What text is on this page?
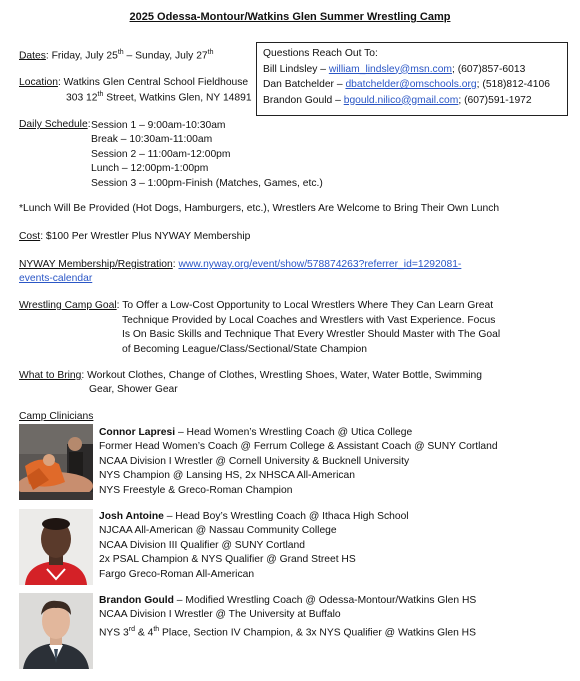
2025 Odessa-Montour/Watkins Glen Summer Wrestling Camp
Dates: Friday, July 25th – Sunday, July 27th	Questions Reach Out To:
Bill Lindsley – william_lindsley@msn.com; (607)857-6013
Dan Batchelder – dbatchelder@omschools.org; (518)812-4106
Brandon Gould – bgould.nilico@gmail.com; (607)591-1972
Location: Watkins Glen Central School Fieldhouse
303 12th Street, Watkins Glen, NY 14891
Daily Schedule: Session 1 – 9:00am-10:30am
Break – 10:30am-11:00am
Session 2 – 11:00am-12:00pm
Lunch – 12:00pm-1:00pm
Session 3 – 1:00pm-Finish (Matches, Games, etc.)
*Lunch Will Be Provided (Hot Dogs, Hamburgers, etc.), Wrestlers Are Welcome to Bring Their Own Lunch
Cost: $100 Per Wrestler Plus NYWAY Membership
NYWAY Membership/Registration: www.nyway.org/event/show/578874263?referrer_id=1292081-
events-calendar
Wrestling Camp Goal: To Offer a Low-Cost Opportunity to Local Wrestlers Where They Can Learn Great
Technique Provided by Local Coaches and Wrestlers with Vast Experience. Focus
Is On Basic Skills and Technique That Every Wrestler Should Master with The Goal
of Becoming League/Class/Sectional/State Champion
What to Bring: Workout Clothes, Change of Clothes, Wrestling Shoes, Water, Water Bottle, Swimming
Gear, Shower Gear
Camp Clinicians
Connor Lapresi – Head Women’s Wrestling Coach @ Utica College
Former Head Women’s Coach @ Ferrum College & Assistant Coach @ SUNY Cortland
NCAA Division I Wrestler @ Cornell University & Bucknell University
NYS Champion @ Lansing HS, 2x NHSCA All-American
NYS Freestyle & Greco-Roman Champion
Josh Antoine – Head Boy’s Wrestling Coach @ Ithaca High School
NJCAA All-American @ Nassau Community College
NCAA Division III Qualifier @ SUNY Cortland
2x PSAL Champion & NYS Qualifier @ Grand Street HS
Fargo Greco-Roman All-American
Brandon Gould – Modified Wrestling Coach @ Odessa-Montour/Watkins Glen HS
NCAA Division I Wrestler @ The University at Buffalo
NYS 3rd & 4th Place, Section IV Champion, & 3x NYS Qualifier @ Watkins Glen HS
